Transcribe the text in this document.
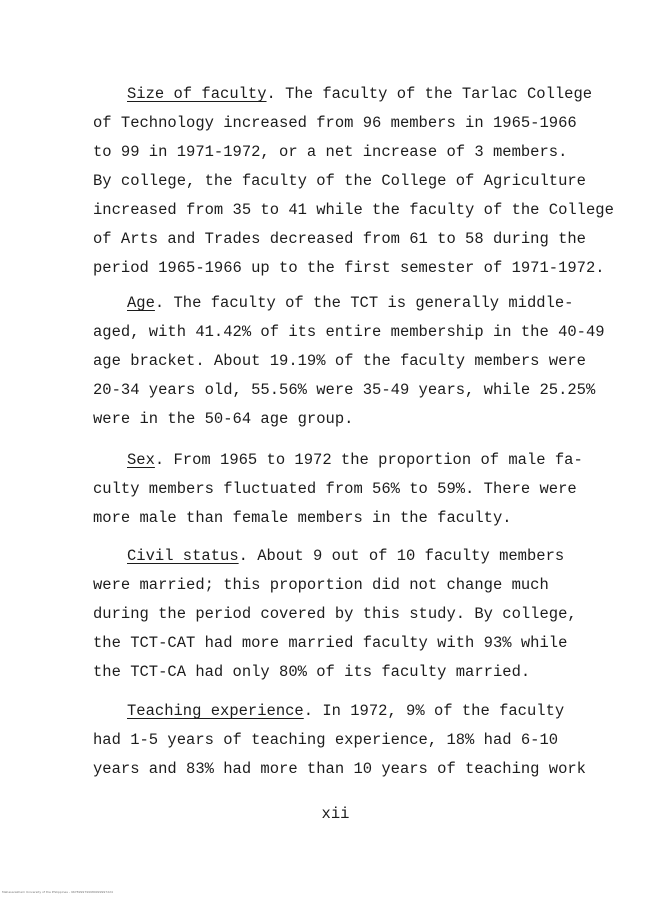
Size of faculty. The faculty of the Tarlac College
of Technology increased from 96 members in 1965-1966
to 99 in 1971-1972, or a net increase of 3 members.
By college, the faculty of the College of Agriculture
increased from 35 to 41 while the faculty of the College
of Arts and Trades decreased from 61 to 58 during the
period 1965-1966 up to the first semester of 1971-1972.
Age. The faculty of the TCT is generally middle-
aged, with 41.42% of its entire membership in the 40-49
age bracket. About 19.19% of the faculty members were
20-34 years old, 55.56% were 35-49 years, while 25.25%
were in the 50-64 age group.
Sex. From 1965 to 1972 the proportion of male fa-
culty members fluctuated from 56% to 59%. There were
more male than female members in the faculty.
Civil status. About 9 out of 10 faculty members
were married; this proportion did not change much
during the period covered by this study. By college,
the TCT-CAT had more married faculty with 93% while
the TCT-CA had only 80% of its faculty married.
Teaching experience. In 1972, 9% of the faculty
had 1-5 years of teaching experience, 18% had 6-10
years and 83% had more than 10 years of teaching work
xii
Mahasarakham University of the Philippines - 9678999799989999997224
